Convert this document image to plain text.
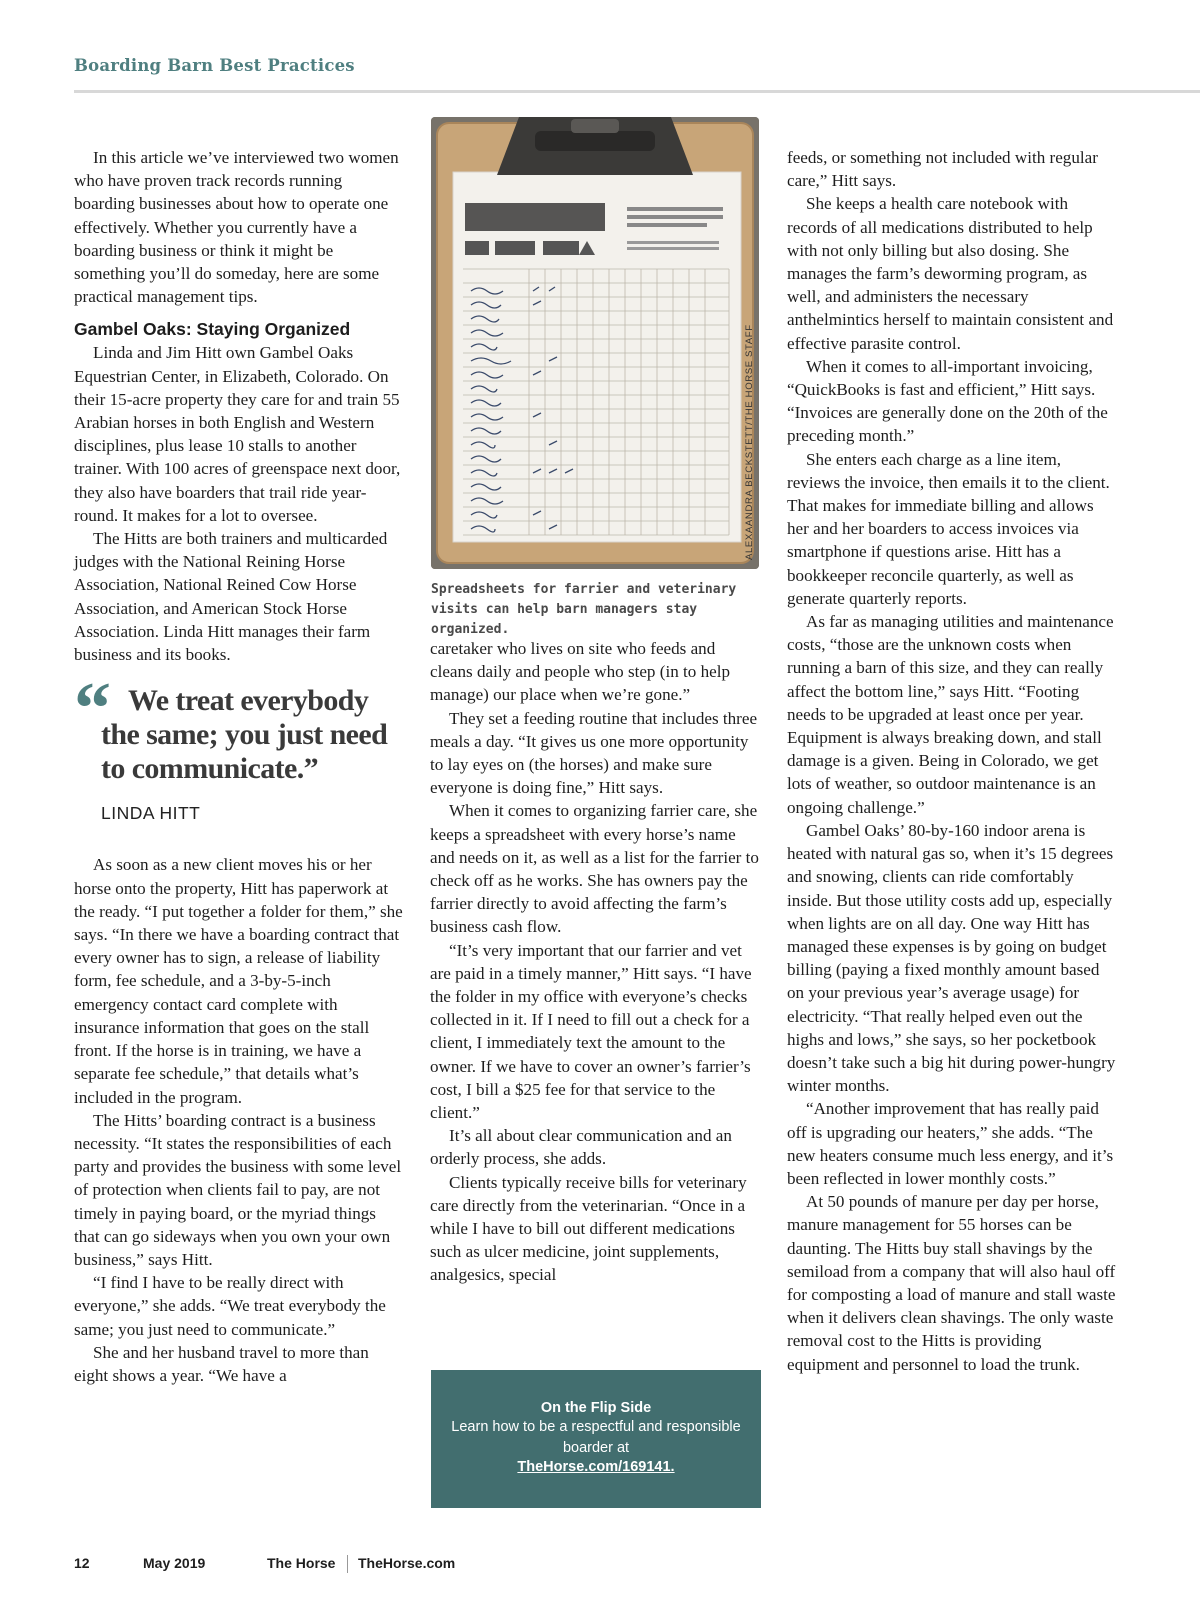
Boarding Barn Best Practices

In this article we’ve interviewed two women who have proven track records running boarding businesses about how to operate one effectively. Whether you currently have a boarding business or think it might be something you’ll do someday, here are some practical management tips.

Gambel Oaks: Staying Organized

Linda and Jim Hitt own Gambel Oaks Equestrian Center, in Elizabeth, Colorado. On their 15-acre property they care for and train 55 Arabian horses in both English and Western disciplines, plus lease 10 stalls to another trainer. With 100 acres of greenspace next door, they also have boarders that trail ride year-round. It makes for a lot to oversee.

The Hitts are both trainers and multicarded judges with the National Reining Horse Association, National Reined Cow Horse Association, and American Stock Horse Association. Linda Hitt manages their farm business and its books.

“ We treat everybody the same; you just need to communicate.”
LINDA HITT

As soon as a new client moves his or her horse onto the property, Hitt has paperwork at the ready. “I put together a folder for them,” she says. “In there we have a boarding contract that every owner has to sign, a release of liability form, fee schedule, and a 3-by-5-inch emergency contact card complete with insurance information that goes on the stall front. If the horse is in training, we have a separate fee schedule,” that details what’s included in the program.

The Hitts’ boarding contract is a business necessity. “It states the responsibilities of each party and provides the business with some level of protection when clients fail to pay, are not timely in paying board, or the myriad things that can go sideways when you own your own business,” says Hitt.

“I find I have to be really direct with everyone,” she adds. “We treat everybody the same; you just need to communicate.”

She and her husband travel to more than eight shows a year. “We have a

ALEXAANDRA BECKSTETT/THE HORSE STAFF
Spreadsheets for farrier and veterinary visits can help barn managers stay organized.

caretaker who lives on site who feeds and cleans daily and people who step (in to help manage) our place when we’re gone.”

They set a feeding routine that includes three meals a day. “It gives us one more opportunity to lay eyes on (the horses) and make sure everyone is doing fine,” Hitt says.

When it comes to organizing farrier care, she keeps a spreadsheet with every horse’s name and needs on it, as well as a list for the farrier to check off as he works. She has owners pay the farrier directly to avoid affecting the farm’s business cash flow.

“It’s very important that our farrier and vet are paid in a timely manner,” Hitt says. “I have the folder in my office with everyone’s checks collected in it. If I need to fill out a check for a client, I immediately text the amount to the owner. If we have to cover an owner’s farrier’s cost, I bill a $25 fee for that service to the client.”

It’s all about clear communication and an orderly process, she adds.

Clients typically receive bills for veterinary care directly from the veterinarian. “Once in a while I have to bill out different medications such as ulcer medicine, joint supplements, analgesics, special

On the Flip Side
Learn how to be a respectful and responsible boarder at
TheHorse.com/169141.

feeds, or something not included with regular care,” Hitt says.

She keeps a health care notebook with records of all medications distributed to help with not only billing but also dosing. She manages the farm’s deworming program, as well, and administers the necessary anthelmintics herself to maintain consistent and effective parasite control.

When it comes to all-important invoicing, “QuickBooks is fast and efficient,” Hitt says. “Invoices are generally done on the 20th of the preceding month.”

She enters each charge as a line item, reviews the invoice, then emails it to the client. That makes for immediate billing and allows her and her boarders to access invoices via smartphone if questions arise. Hitt has a bookkeeper reconcile quarterly, as well as generate quarterly reports.

As far as managing utilities and maintenance costs, “those are the unknown costs when running a barn of this size, and they can really affect the bottom line,” says Hitt. “Footing needs to be upgraded at least once per year. Equipment is always breaking down, and stall damage is a given. Being in Colorado, we get lots of weather, so outdoor maintenance is an ongoing challenge.”

Gambel Oaks’ 80-by-160 indoor arena is heated with natural gas so, when it’s 15 degrees and snowing, clients can ride comfortably inside. But those utility costs add up, especially when lights are on all day. One way Hitt has managed these expenses is by going on budget billing (paying a fixed monthly amount based on your previous year’s average usage) for electricity. “That really helped even out the highs and lows,” she says, so her pocketbook doesn’t take such a big hit during power-hungry winter months.

“Another improvement that has really paid off is upgrading our heaters,” she adds. “The new heaters consume much less energy, and it’s been reflected in lower monthly costs.”

At 50 pounds of manure per day per horse, manure management for 55 horses can be daunting. The Hitts buy stall shavings by the semiload from a company that will also haul off for composting a load of manure and stall waste when it delivers clean shavings. The only waste removal cost to the Hitts is providing equipment and personnel to load the trunk.

12	May 2019	The Horse TheHorse.com
